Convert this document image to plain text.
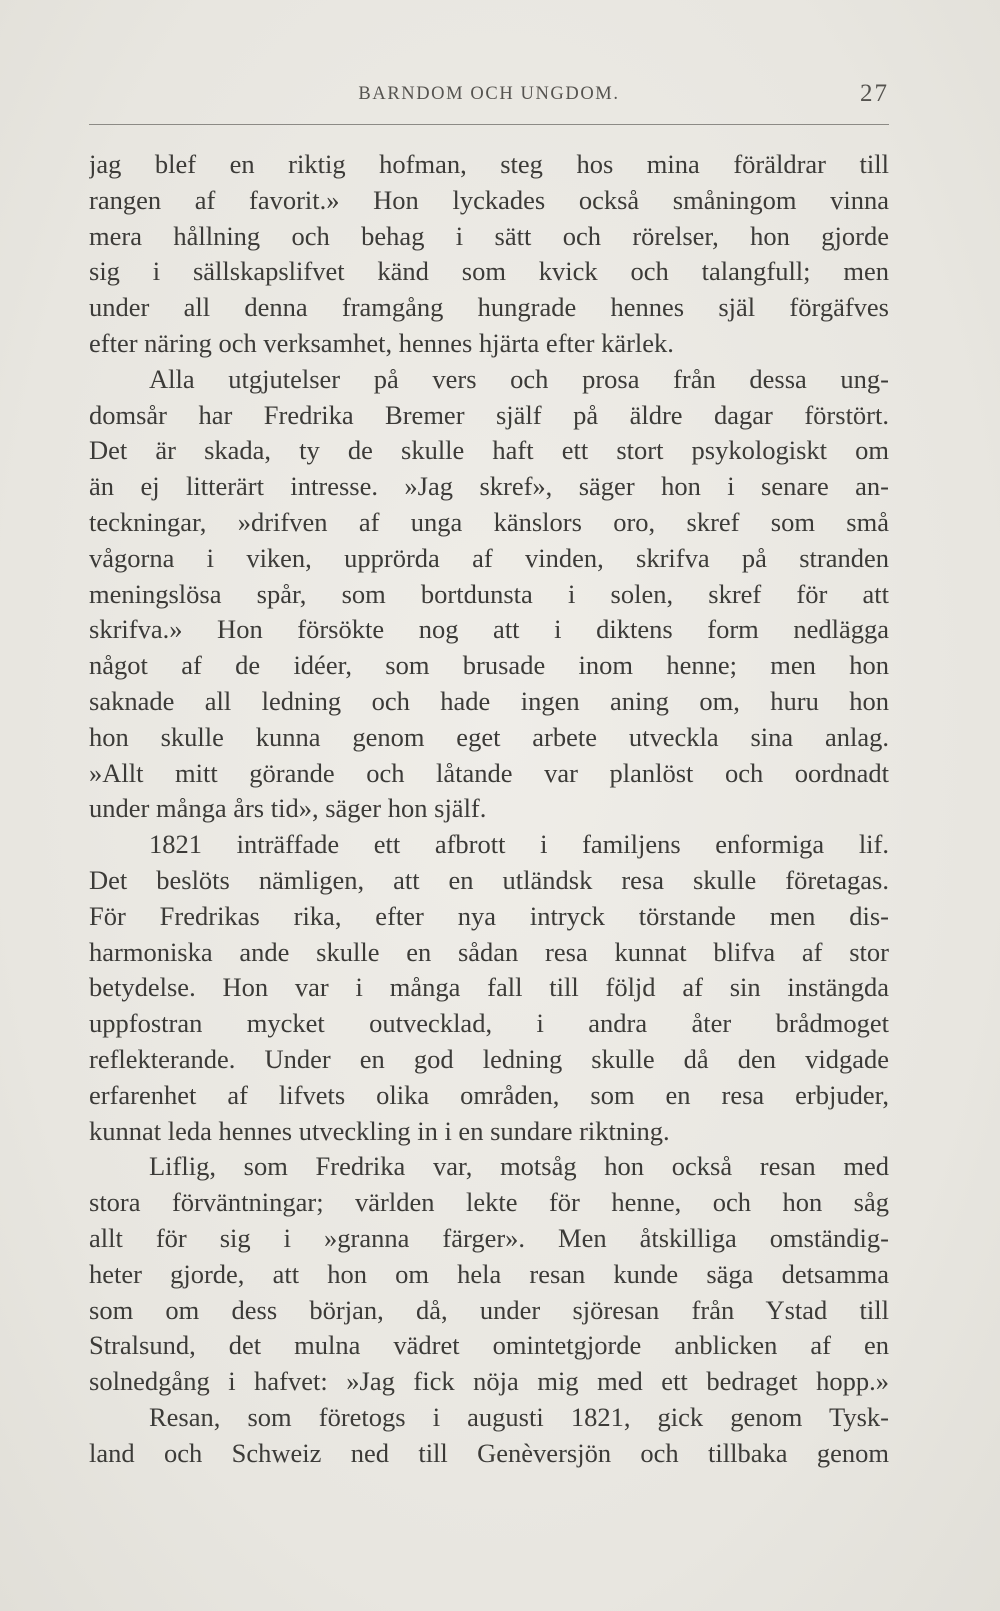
BARNDOM OCH UNGDOM.	27
jag blef en riktig hofman, steg hos mina föräldrar till
rangen af favorit.» Hon lyckades också småningom vinna
mera hållning och behag i sätt och rörelser, hon gjorde
sig i sällskapslifvet känd som kvick och talangfull; men
under all denna framgång hungrade hennes själ förgäfves
efter näring och verksamhet, hennes hjärta efter kärlek.
Alla utgjutelser på vers och prosa från dessa ung-
domsår har Fredrika Bremer själf på äldre dagar förstört.
Det är skada, ty de skulle haft ett stort psykologiskt om
än ej litterärt intresse. »Jag skref», säger hon i senare an-
teckningar, »drifven af unga känslors oro, skref som små
vågorna i viken, upprörda af vinden, skrifva på stranden
meningslösa spår, som bortdunsta i solen, skref för att
skrifva.» Hon försökte nog att i diktens form nedlägga
något af de idéer, som brusade inom henne; men hon
saknade all ledning och hade ingen aning om, huru hon
hon skulle kunna genom eget arbete utveckla sina anlag.
»Allt mitt görande och låtande var planlöst och oordnadt
under många års tid», säger hon själf.
1821 inträffade ett afbrott i familjens enformiga lif.
Det beslöts nämligen, att en utländsk resa skulle företagas.
För Fredrikas rika, efter nya intryck törstande men dis-
harmoniska ande skulle en sådan resa kunnat blifva af stor
betydelse. Hon var i många fall till följd af sin instängda
uppfostran mycket outvecklad, i andra åter brådmoget
reflekterande. Under en god ledning skulle då den vidgade
erfarenhet af lifvets olika områden, som en resa erbjuder,
kunnat leda hennes utveckling in i en sundare riktning.
Liflig, som Fredrika var, motsåg hon också resan med
stora förväntningar; världen lekte för henne, och hon såg
allt för sig i »granna färger». Men åtskilliga omständig-
heter gjorde, att hon om hela resan kunde säga detsamma
som om dess början, då, under sjöresan från Ystad till
Stralsund, det mulna vädret omintetgjorde anblicken af en
solnedgång i hafvet: »Jag fick nöja mig med ett bedraget hopp.»
Resan, som företogs i augusti 1821, gick genom Tysk-
land och Schweiz ned till Genèversjön och tillbaka genom
